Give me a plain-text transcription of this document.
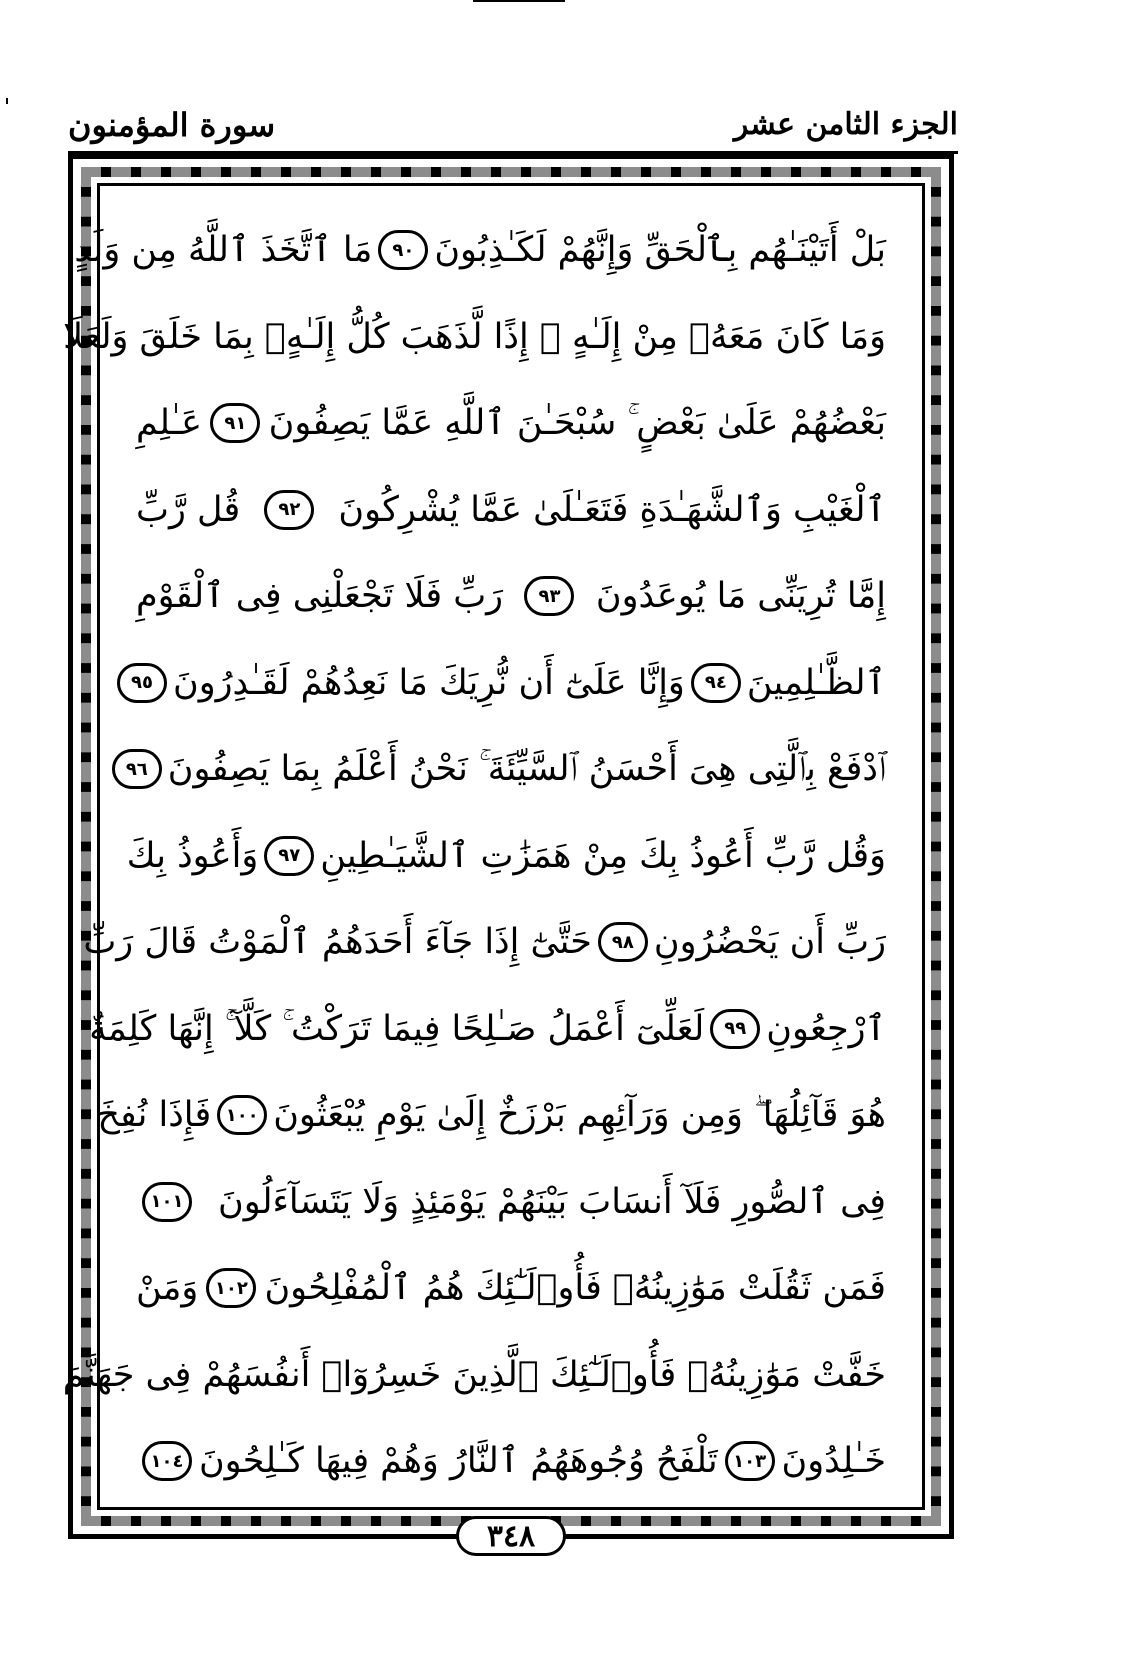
الجزء الثامن عشر
سورة المؤمنون
بَلْ أَتَيْنَـٰهُم بِٱلْحَقِّ وَإِنَّهُمْ لَكَـٰذِبُونَ
٩٠
مَا ٱتَّخَذَ ٱللَّهُ مِن وَلَدٍ
وَمَا كَانَ مَعَهُۥ مِنْ إِلَـٰهٍ ۚ إِذًا لَّذَهَبَ كُلُّ إِلَـٰهٍۭ بِمَا خَلَقَ وَلَعَلَا
بَعْضُهُمْ عَلَىٰ بَعْضٍ ۚ سُبْحَـٰنَ ٱللَّهِ عَمَّا يَصِفُونَ
٩١
عَـٰلِمِ
ٱلْغَيْبِ وَٱلشَّهَـٰدَةِ فَتَعَـٰلَىٰ عَمَّا يُشْرِكُونَ
٩٢
قُل رَّبِّ
إِمَّا تُرِيَنِّى مَا يُوعَدُونَ
٩٣
رَبِّ فَلَا تَجْعَلْنِى فِى ٱلْقَوْمِ
ٱلظَّـٰلِمِينَ
٩٤
وَإِنَّا عَلَىٰٓ أَن نُّرِيَكَ مَا نَعِدُهُمْ لَقَـٰدِرُونَ
٩٥
ٱدْفَعْ بِٱلَّتِى هِىَ أَحْسَنُ ٱلسَّيِّئَةَ ۚ نَحْنُ أَعْلَمُ بِمَا يَصِفُونَ
٩٦
وَقُل رَّبِّ أَعُوذُ بِكَ مِنْ هَمَزَٰتِ ٱلشَّيَـٰطِينِ
٩٧
وَأَعُوذُ بِكَ
رَبِّ أَن يَحْضُرُونِ
٩٨
حَتَّىٰٓ إِذَا جَآءَ أَحَدَهُمُ ٱلْمَوْتُ قَالَ رَبِّ
ٱرْجِعُونِ
٩٩
لَعَلِّىٓ أَعْمَلُ صَـٰلِحًا فِيمَا تَرَكْتُ ۚ كَلَّآ ۚ إِنَّهَا كَلِمَةٌ
هُوَ قَآئِلُهَا ۖ وَمِن وَرَآئِهِم بَرْزَخٌ إِلَىٰ يَوْمِ يُبْعَثُونَ
١٠٠
فَإِذَا نُفِخَ
فِى ٱلصُّورِ فَلَآ أَنسَابَ بَيْنَهُمْ يَوْمَئِذٍ وَلَا يَتَسَآءَلُونَ
١٠١
فَمَن ثَقُلَتْ مَوَٰزِينُهُۥ فَأُو۟لَـٰٓئِكَ هُمُ ٱلْمُفْلِحُونَ
١٠٢
وَمَنْ
خَفَّتْ مَوَٰزِينُهُۥ فَأُو۟لَـٰٓئِكَ ٱلَّذِينَ خَسِرُوٓا۟ أَنفُسَهُمْ فِى جَهَنَّمَ
خَـٰلِدُونَ
١٠٣
تَلْفَحُ وُجُوهَهُمُ ٱلنَّارُ وَهُمْ فِيهَا كَـٰلِحُونَ
١٠٤
٣٤٨
